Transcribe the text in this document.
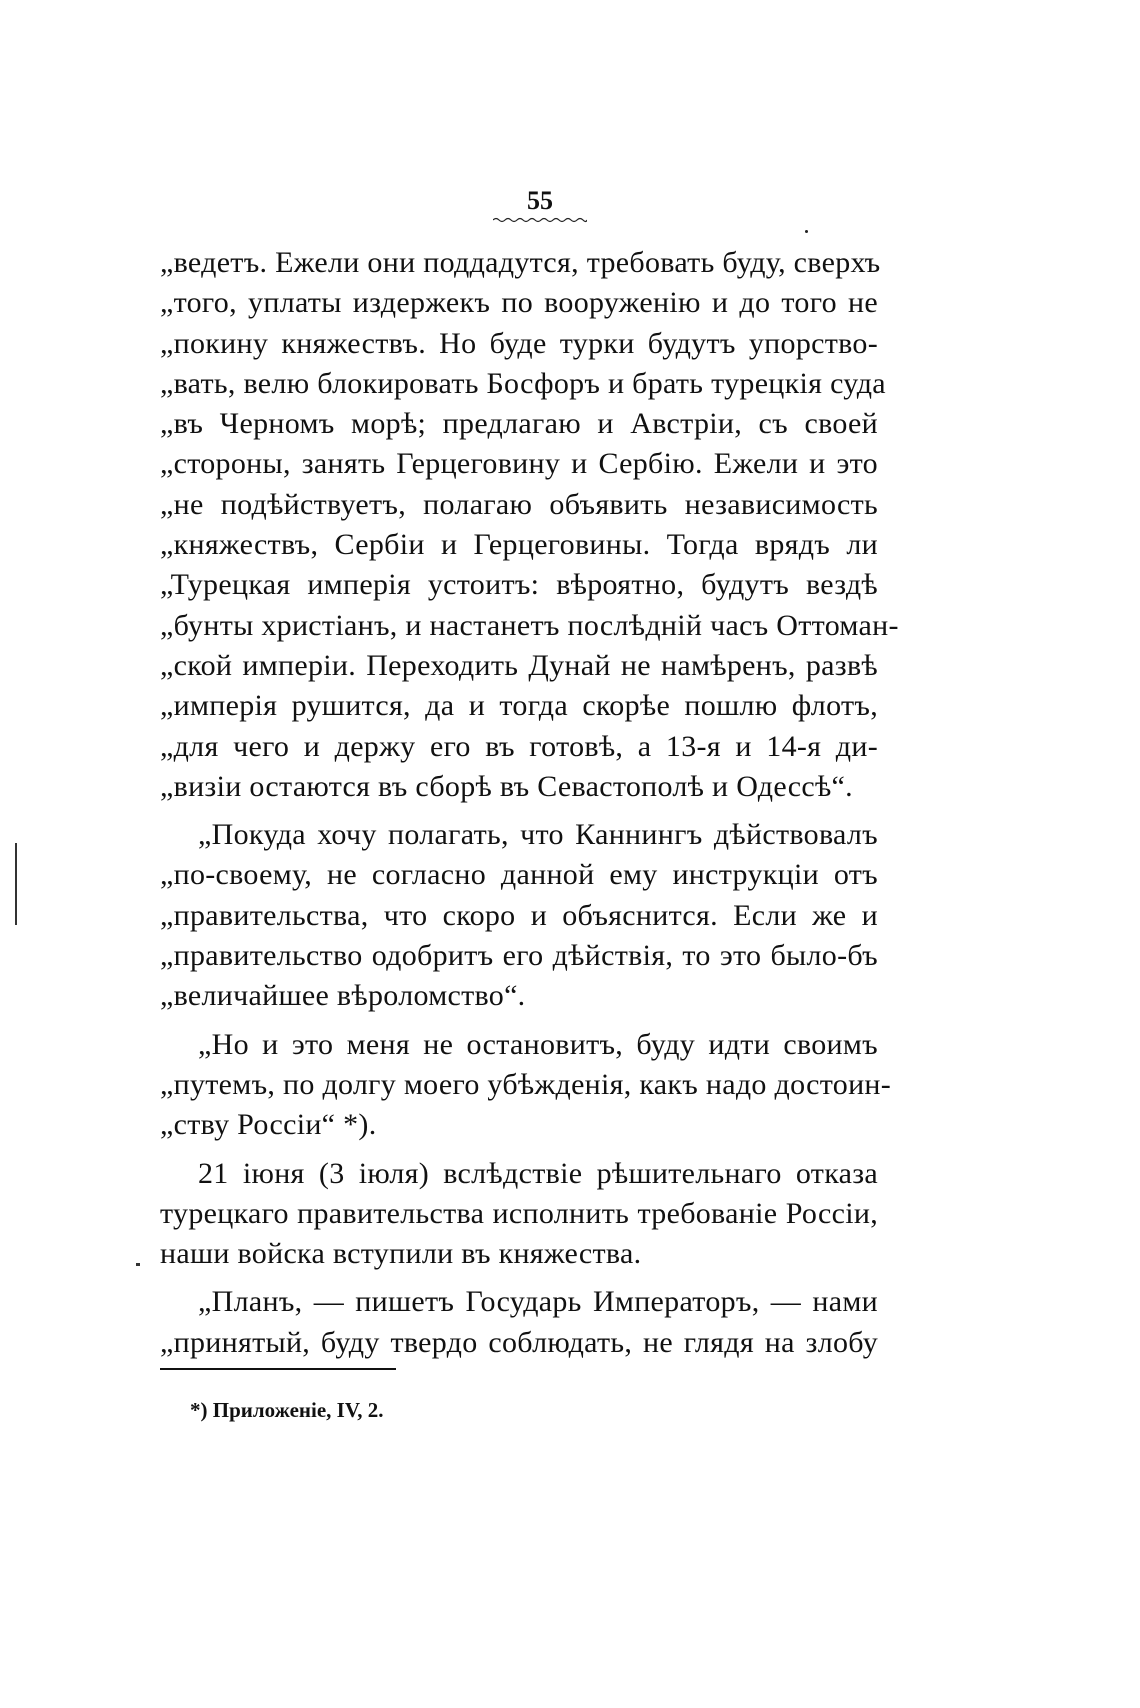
55
„ведетъ. Ежели они поддадутся, требовать буду, сверхъ
„того, уплаты издержекъ по вооруженію и до того не
„покину княжествъ. Но буде турки будутъ упорство-
„вать, велю блокировать Босфоръ и брать турецкія суда
„въ Черномъ морѣ; предлагаю и Австріи, съ своей
„стороны, занять Герцеговину и Сербію. Ежели и это
„не подѣйствуетъ, полагаю объявить независимость
„княжествъ, Сербіи и Герцеговины. Тогда врядъ ли
„Турецкая имперія устоитъ: вѣроятно, будутъ вездѣ
„бунты христіанъ, и настанетъ послѣдній часъ Оттоман-
„ской имперіи. Переходить Дунай не намѣренъ, развѣ
„имперія рушится, да и тогда скорѣе пошлю флотъ,
„для чего и держу его въ готовѣ, а 13-я и 14-я ди-
„визіи остаются въ сборѣ въ Севастополѣ и Одессѣ“.
„Покуда хочу полагать, что Каннингъ дѣйствовалъ
„по-своему, не согласно данной ему инструкціи отъ
„правительства, что скоро и объяснится. Если же и
„правительство одобритъ его дѣйствія, то это было-бъ
„величайшее вѣроломство“.
„Но и это меня не остановитъ, буду идти своимъ
„путемъ, по долгу моего убѣжденія, какъ надо достоин-
„ству Россіи“ *).
21 іюня (3 іюля) вслѣдствіе рѣшительнаго отказа
турецкаго правительства исполнить требованіе Россіи,
наши войска вступили въ княжества.
„Планъ, — пишетъ Государь Императоръ, — нами
„принятый, буду твердо соблюдать, не глядя на злобу
*) Приложеніе, IV, 2.
